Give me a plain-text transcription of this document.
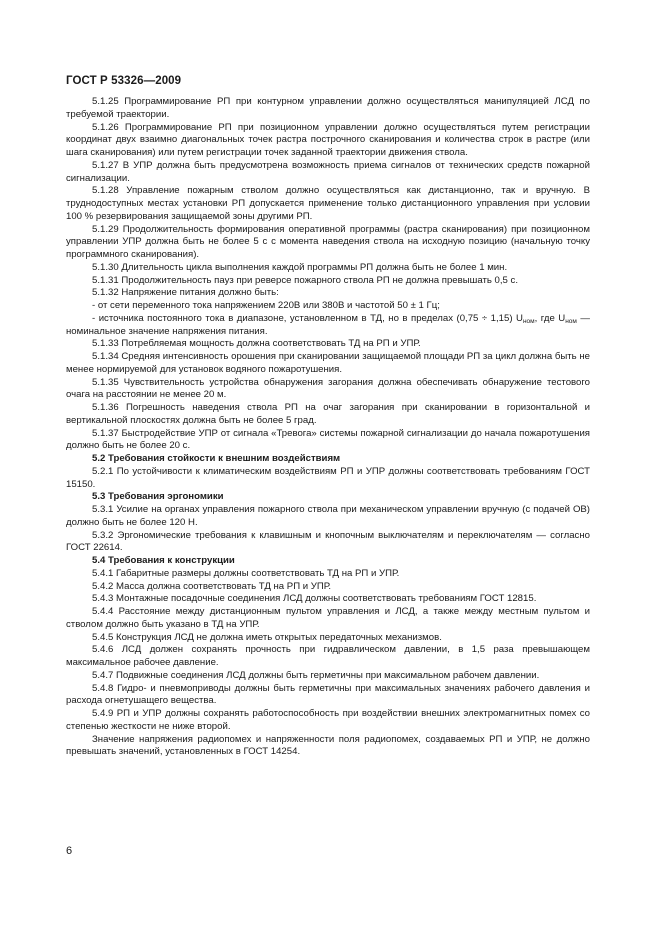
ГОСТ Р 53326—2009

5.1.25 Программирование РП при контурном управлении должно осуществляться манипуляцией ЛСД по требуемой траектории.

5.1.26 Программирование РП при позиционном управлении должно осуществляться путем регистрации координат двух взаимно диагональных точек растра построчного сканирования и количества строк в растре (или шага сканирования) или путем регистрации точек заданной траектории движения ствола.

5.1.27 В УПР должна быть предусмотрена возможность приема сигналов от технических средств пожарной сигнализации.

5.1.28 Управление пожарным стволом должно осуществляться как дистанционно, так и вручную. В труднодоступных местах установки РП допускается применение только дистанционного управления при условии 100 % резервирования защищаемой зоны другими РП.

5.1.29 Продолжительность формирования оперативной программы (растра сканирования) при позиционном управлении УПР должна быть не более 5 с с момента наведения ствола на исходную позицию (начальную точку программного сканирования).

5.1.30 Длительность цикла выполнения каждой программы РП должна быть не более 1 мин.

5.1.31 Продолжительность пауз при реверсе пожарного ствола РП не должна превышать 0,5 с.

5.1.32 Напряжение питания должно быть:

- от сети переменного тока напряжением 220В или 380В и частотой 50 ± 1 Гц;

- источника постоянного тока в диапазоне, установленном в ТД, но в пределах (0,75 ÷ 1,15) $U_{ном}$, где $U_{ном}$ — номинальное значение напряжения питания.

5.1.33 Потребляемая мощность должна соответствовать ТД на РП и УПР.

5.1.34 Средняя интенсивность орошения при сканировании защищаемой площади РП за цикл должна быть не менее нормируемой для установок водяного пожаротушения.

5.1.35 Чувствительность устройства обнаружения загорания должна обеспечивать обнаружение тестового очага на расстоянии не менее 20 м.

5.1.36 Погрешность наведения ствола РП на очаг загорания при сканировании в горизонтальной и вертикальной плоскостях должна быть не более 5 град.

5.1.37 Быстродействие УПР от сигнала «Тревога» системы пожарной сигнализации до начала пожаротушения должно быть не более 20 с.

5.2 Требования стойкости к внешним воздействиям

5.2.1 По устойчивости к климатическим воздействиям РП и УПР должны соответствовать требованиям ГОСТ 15150.

5.3 Требования эргономики

5.3.1 Усилие на органах управления пожарного ствола при механическом управлении вручную (с подачей ОВ) должно быть не более 120 Н.

5.3.2 Эргономические требования к клавишным и кнопочным выключателям и переключателям — согласно ГОСТ 22614.

5.4 Требования к конструкции

5.4.1 Габаритные размеры должны соответствовать ТД на РП и УПР.

5.4.2 Масса должна соответствовать ТД на РП и УПР.

5.4.3 Монтажные посадочные соединения ЛСД должны соответствовать требованиям ГОСТ 12815.

5.4.4 Расстояние между дистанционным пультом управления и ЛСД, а также между местным пультом и стволом должно быть указано в ТД на УПР.

5.4.5 Конструкция ЛСД не должна иметь открытых передаточных механизмов.

5.4.6 ЛСД должен сохранять прочность при гидравлическом давлении, в 1,5 раза превышающем максимальное рабочее давление.

5.4.7 Подвижные соединения ЛСД должны быть герметичны при максимальном рабочем давлении.

5.4.8 Гидро- и пневмоприводы должны быть герметичны при максимальных значениях рабочего давления и расхода огнетушащего вещества.

5.4.9 РП и УПР должны сохранять работоспособность при воздействии внешних электромагнитных помех со степенью жесткости не ниже второй.

Значение напряжения радиопомех и напряженности поля радиопомех, создаваемых РП и УПР, не должно превышать значений, установленных в ГОСТ 14254.

6
